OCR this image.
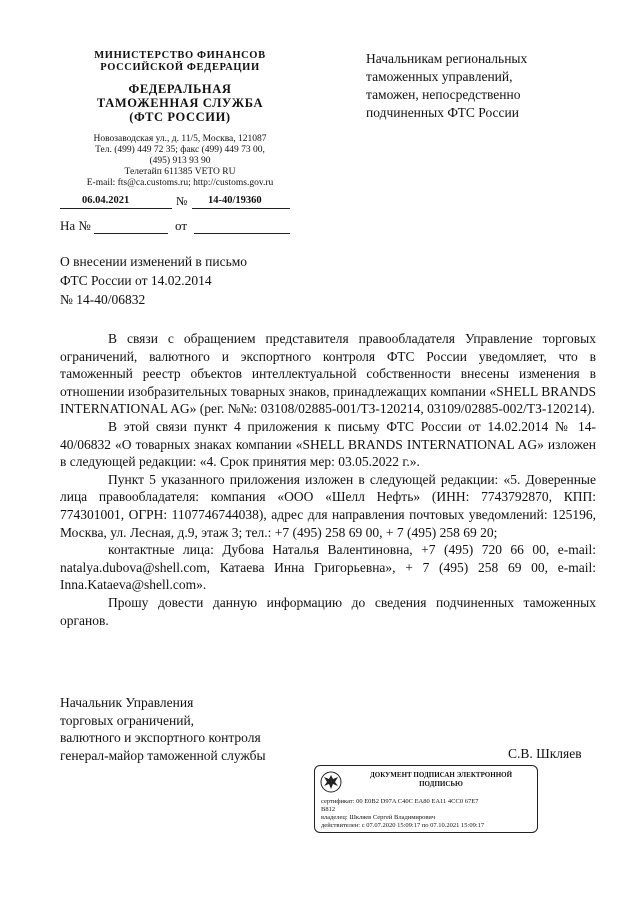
МИНИСТЕРСТВО ФИНАНСОВ
РОССИЙСКОЙ ФЕДЕРАЦИИ
ФЕДЕРАЛЬНАЯ
ТАМОЖЕННАЯ СЛУЖБА
(ФТС РОССИИ)
Новозаводская ул., д. 11/5, Москва, 121087
Тел. (499) 449 72 35; факс (499) 449 73 00,
(495) 913 93 90
Телетайп 611385 VETO RU
E-mail: fts@ca.customs.ru; http://customs.gov.ru
06.04.2021	№ 14-40/19360
На №	от
Начальникам региональных
таможенных управлений,
таможен, непосредственно
подчиненных ФТС России
О внесении изменений в письмо
ФТС России от 14.02.2014
№ 14-40/06832

В связи с обращением представителя правообладателя Управление торговых ограничений, валютного и экспортного контроля ФТС России уведомляет, что в таможенный реестр объектов интеллектуальной собственности внесены изменения в отношении изобразительных товарных знаков, принадлежащих компании «SHELL BRANDS INTERNATIONAL AG» (рег. №№: 03108/02885-001/ТЗ-120214, 03109/02885-002/ТЗ-120214).

В этой связи пункт 4 приложения к письму ФТС России от 14.02.2014 № 14-40/06832 «О товарных знаках компании «SHELL BRANDS INTERNATIONAL AG» изложен в следующей редакции: «4. Срок принятия мер: 03.05.2022 г.».

Пункт 5 указанного приложения изложен в следующей редакции: «5. Доверенные лица правообладателя: компания «ООО «Шелл Нефть» (ИНН: 7743792870, КПП: 774301001, ОГРН: 1107746744038), адрес для направления почтовых уведомлений: 125196, Москва, ул. Лесная, д.9, этаж 3; тел.: +7 (495) 258 69 00, + 7 (495) 258 69 20;

контактные лица: Дубова Наталья Валентиновна, +7 (495) 720 66 00, e-mail: natalya.dubova@shell.com, Катаева Инна Григорьевна», + 7 (495) 258 69 00, e-mail: Inna.Kataeva@shell.com».

Прошу довести данную информацию до сведения подчиненных таможенных органов.

Начальник Управления
торговых ограничений,
валютного и экспортного контроля
генерал-майор таможенной службы	С.В. Шкляев
ДОКУМЕНТ ПОДПИСАН ЭЛЕКТРОННОЙ
ПОДПИСЬЮ
сертификат: 00 E0B2 D97A C40C EA80 EA11 4CC0 67E7
B812
владелец: Шкляев Сергей Владимирович
действителен: с 07.07.2020 15:09:17 по 07.10.2021 15:09:17
